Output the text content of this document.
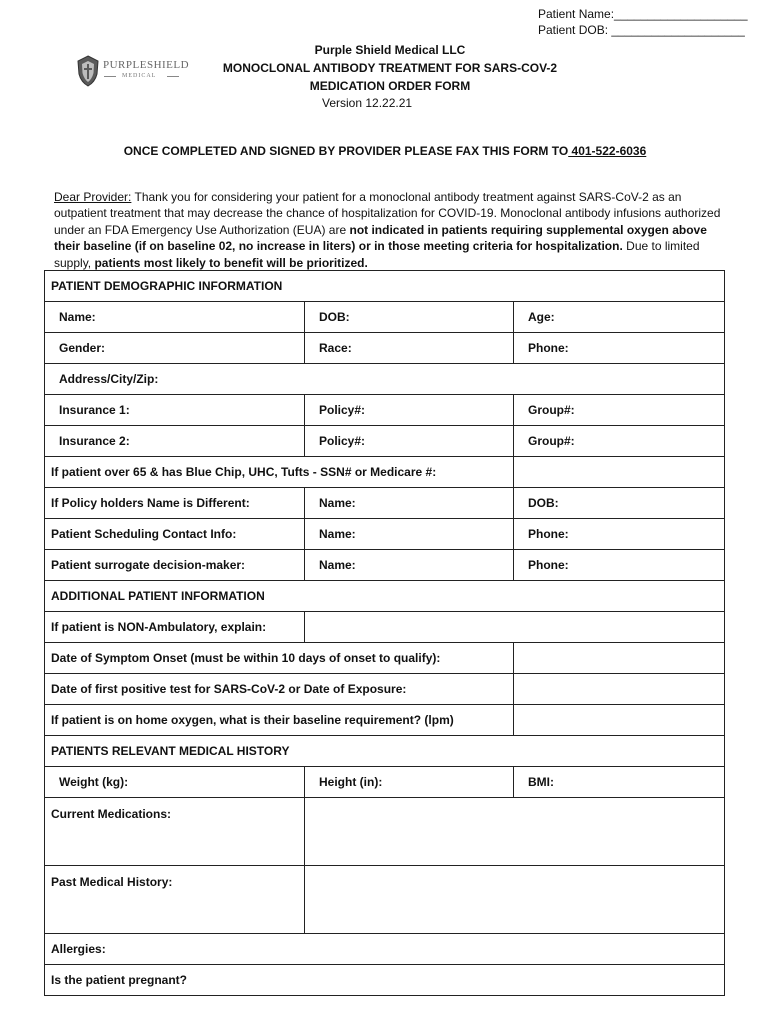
Patient Name:____________________
Patient DOB: ____________________
PURPLESHIELD
MEDICAL
Purple Shield Medical LLC
MONOCLONAL ANTIBODY TREATMENT FOR SARS-COV-2
MEDICATION ORDER FORM
Version 12.22.21
ONCE COMPLETED AND SIGNED BY PROVIDER PLEASE FAX THIS FORM TO 401-522-6036
Dear Provider: Thank you for considering your patient for a monoclonal antibody treatment against SARS-CoV-2 as an outpatient treatment that may decrease the chance of hospitalization for COVID-19. Monoclonal antibody infusions authorized under an FDA Emergency Use Authorization (EUA) are not indicated in patients requiring supplemental oxygen above their baseline (if on baseline 02, no increase in liters) or in those meeting criteria for hospitalization. Due to limited supply, patients most likely to benefit will be prioritized.
PATIENT DEMOGRAPHIC INFORMATION		
Name:	DOB:	Age:
Gender:	Race:	Phone:
Address/City/Zip:		
Insurance 1:	Policy#:	Group#:
Insurance 2:	Policy#:	Group#:
If patient over 65 & has Blue Chip, UHC, Tufts - SSN# or Medicare #:		
If Policy holders Name is Different:	Name:	DOB:
Patient Scheduling Contact Info:	Name:	Phone:
Patient surrogate decision-maker:	Name:	Phone:
ADDITIONAL PATIENT INFORMATION		
If patient is NON-Ambulatory, explain:		
Date of Symptom Onset (must be within 10 days of onset to qualify):		
Date of first positive test for SARS-CoV-2 or Date of Exposure:		
If patient is on home oxygen, what is their baseline requirement? (lpm)		
PATIENTS RELEVANT MEDICAL HISTORY		
Weight (kg):	Height (in):	BMI:
Current Medications:		
Past Medical History:		
Allergies:		
Is the patient pregnant?		
